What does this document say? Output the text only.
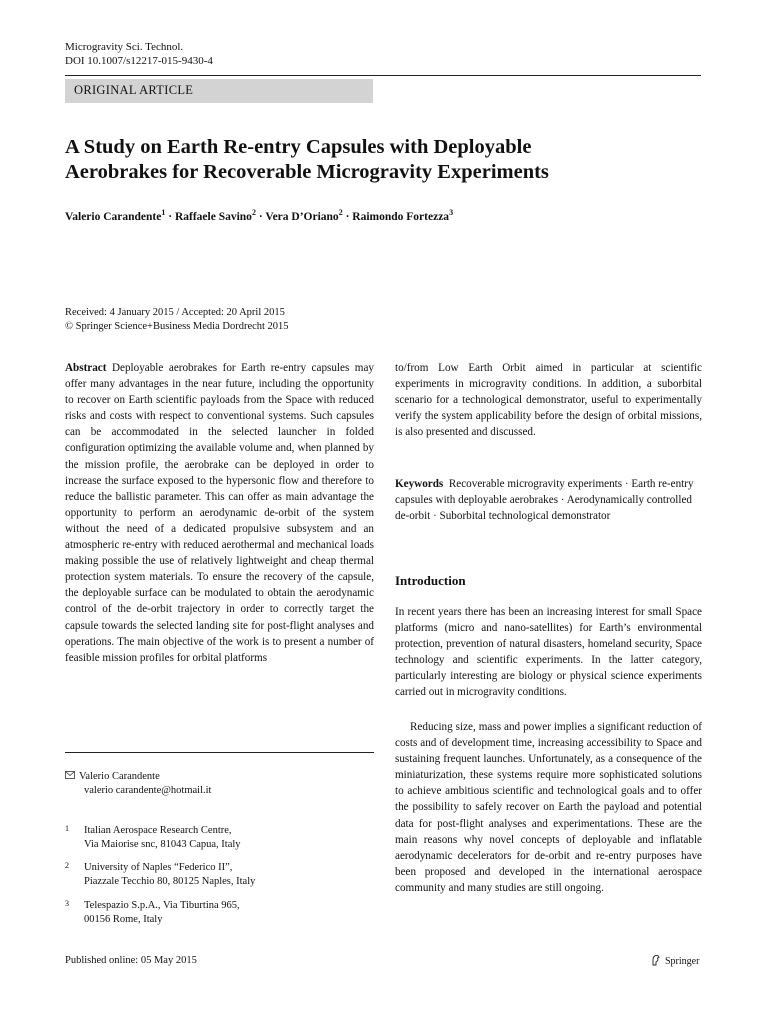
Microgravity Sci. Technol.
DOI 10.1007/s12217-015-9430-4
ORIGINAL ARTICLE
A Study on Earth Re-entry Capsules with Deployable
Aerobrakes for Recoverable Microgravity Experiments
Valerio Carandente$^1$ · Raffaele Savino$^2$ · Vera D’Oriano$^2$ · Raimondo Fortezza$^3$
Received: 4 January 2015 / Accepted: 20 April 2015
© Springer Science+Business Media Dordrecht 2015
Abstract Deployable aerobrakes for Earth re-entry capsules may offer many advantages in the near future, including the opportunity to recover on Earth scientific payloads from the Space with reduced risks and costs with respect to conventional systems. Such capsules can be accommodated in the selected launcher in folded configuration optimizing the available volume and, when planned by the mission profile, the aerobrake can be deployed in order to increase the surface exposed to the hypersonic flow and therefore to reduce the ballistic parameter. This can offer as main advantage the opportunity to perform an aerodynamic de-orbit of the system without the need of a dedicated propulsive subsystem and an atmospheric re-entry with reduced aerothermal and mechanical loads making possible the use of relatively lightweight and cheap thermal protection system materials. To ensure the recovery of the capsule, the deployable surface can be modulated to obtain the aerodynamic control of the de-orbit trajectory in order to correctly target the capsule towards the selected landing site for post-flight analyses and operations. The main objective of the work is to present a number of feasible mission profiles for orbital platforms
to/from Low Earth Orbit aimed in particular at scientific experiments in microgravity conditions. In addition, a suborbital scenario for a technological demonstrator, useful to experimentally verify the system applicability before the design of orbital missions, is also presented and discussed.
Keywords Recoverable microgravity experiments · Earth re-entry capsules with deployable aerobrakes · Aerodynamically controlled de-orbit · Suborbital technological demonstrator
Introduction
In recent years there has been an increasing interest for small Space platforms (micro and nano-satellites) for Earth’s environmental protection, prevention of natural disasters, homeland security, Space technology and scientific experiments. In the latter category, particularly interesting are biology or physical science experiments carried out in microgravity conditions.
Reducing size, mass and power implies a significant reduction of costs and of development time, increasing accessibility to Space and sustaining frequent launches. Unfortunately, as a consequence of the miniaturization, these systems require more sophisticated solutions to achieve ambitious scientific and technological goals and to offer the possibility to safely recover on Earth the payload and potential data for post-flight analyses and experimentations. These are the main reasons why novel concepts of deployable and inflatable aerodynamic decelerators for de-orbit and re-entry purposes have been proposed and developed in the international aerospace community and many studies are still ongoing.
Valerio Carandente
valerio carandente@hotmail.it
1 Italian Aerospace Research Centre,
Via Maiorise snc, 81043 Capua, Italy
2 University of Naples “Federico II”,
Piazzale Tecchio 80, 80125 Naples, Italy
3 Telespazio S.p.A., Via Tiburtina 965,
00156 Rome, Italy
Published online: 05 May 2015	Springer
